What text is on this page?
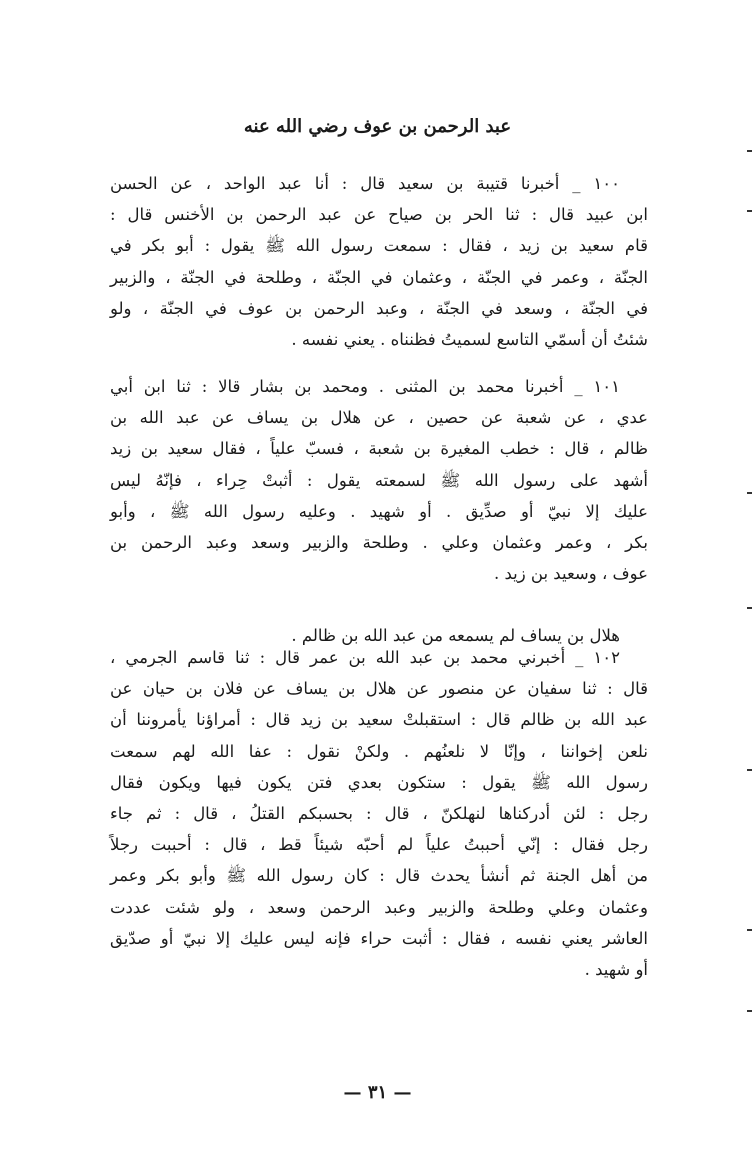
عبد الرحمن بن عوف رضي الله عنه
١٠٠ _ أخبرنا قتيبة بن سعيد قال : أنا عبد الواحد ، عن الحسن
ابن عبيد قال : ثنا الحر بن صياح عن عبد الرحمن بن الأخنس قال :
قام سعيد بن زيد ، فقال : سمعت رسول الله ﷺ يقول : أبو بكر في
الجنّة ، وعمر في الجنّة ، وعثمان في الجنّة ، وطلحة في الجنّة ، والزبير
في الجنّة ، وسعد في الجنّة ، وعبد الرحمن بن عوف في الجنّة ، ولو
شئتُ أن أسمّي التاسع لسميتُ فظنناه . يعني نفسه .
١٠١ _ أخبرنا محمد بن المثنى . ومحمد بن بشار قالا : ثنا ابن أبي
عدي ، عن شعبة عن حصين ، عن هلال بن يساف عن عبد الله بن
ظالم ، قال : خطب المغيرة بن شعبة ، فسبّ علياً ، فقال سعيد بن زيد
أشهد على رسول الله ﷺ لسمعته يقول : أثبتْ حِراء ، فإنّهُ ليس
عليك إلا نبيّ أو صدِّيق . أو شهيد . وعليه رسول الله ﷺ ، وأبو
بكر ، وعمر وعثمان وعلي . وطلحة والزبير وسعد وعبد الرحمن بن
عوف ، وسعيد بن زيد .
هلال بن يساف لم يسمعه من عبد الله بن ظالم .
١٠٢ _ أخبرني محمد بن عبد الله بن عمر قال : ثنا قاسم الجرمي ،
قال : ثنا سفيان عن منصور عن هلال بن يساف عن فلان بن حيان عن
عبد الله بن ظالم قال : استقبلتْ سعيد بن زيد قال : أمراؤنا يأمروننا أن
نلعن إخواننا ، وإنّا لا نلعنُهم . ولكنْ نقول : عفا الله لهم سمعت
رسول الله ﷺ يقول : ستكون بعدي فتن يكون فيها ويكون فقال
رجل : لئن أدركناها لنهلكنّ ، قال : بحسبكم القتلُ ، قال : ثم جاء
رجل فقال : إنّي أحببتُ علياً لم أحبّه شيئاً قط ، قال : أحببت رجلاً
من أهل الجنة ثم أنشأ يحدث قال : كان رسول الله ﷺ وأبو بكر وعمر
وعثمان وعلي وطلحة والزبير وعبد الرحمن وسعد ، ولو شئت عددت
العاشر يعني نفسه ، فقال : أثبت حراء فإنه ليس عليك إلا نبيّ أو صدّيق
أو شهيد .
— ٣١ —
